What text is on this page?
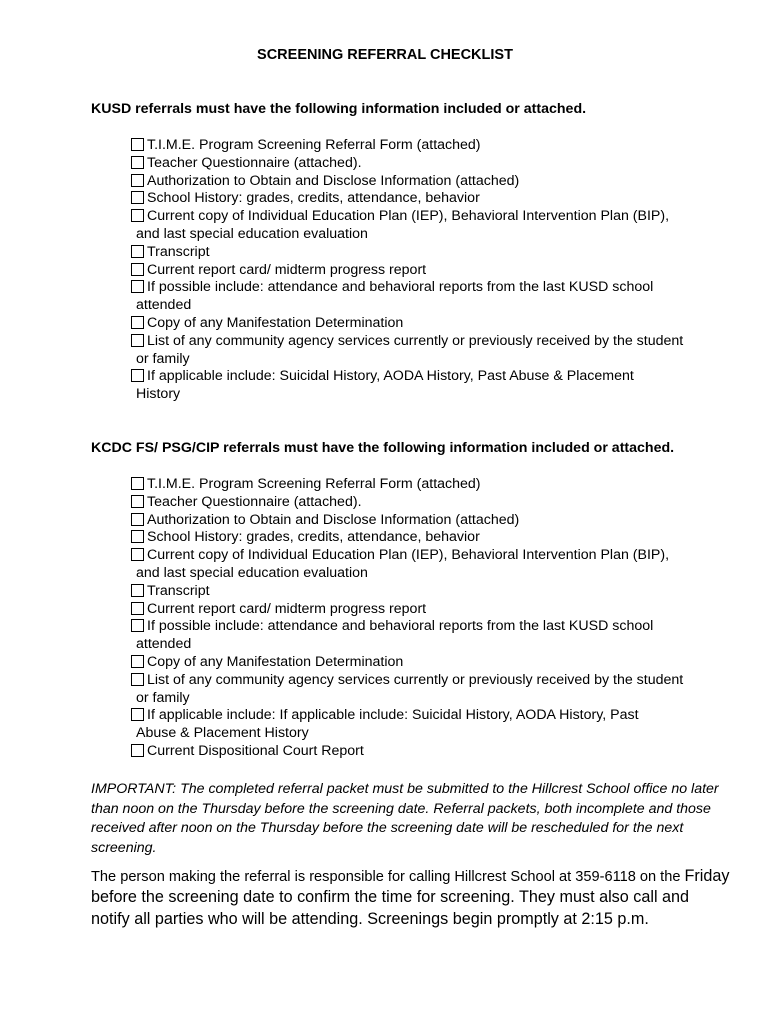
SCREENING REFERRAL CHECKLIST
KUSD referrals must have the following information included or attached.
T.I.M.E. Program Screening Referral Form (attached)
Teacher Questionnaire (attached).
Authorization to Obtain and Disclose Information (attached)
School History: grades, credits, attendance, behavior
Current copy of Individual Education Plan (IEP), Behavioral Intervention Plan (BIP),
and last special education evaluation
Transcript
Current report card/ midterm progress report
If possible include: attendance and behavioral reports from the last KUSD school
attended
Copy of any Manifestation Determination
List of any community agency services currently or previously received by the student
or family
If applicable include: Suicidal History, AODA History, Past Abuse & Placement
History
KCDC FS/ PSG/CIP referrals must have the following information included or attached.
T.I.M.E. Program Screening Referral Form (attached)
Teacher Questionnaire (attached).
Authorization to Obtain and Disclose Information (attached)
School History: grades, credits, attendance, behavior
Current copy of Individual Education Plan (IEP), Behavioral Intervention Plan (BIP),
and last special education evaluation
Transcript
Current report card/ midterm progress report
If possible include: attendance and behavioral reports from the last KUSD school
attended
Copy of any Manifestation Determination
List of any community agency services currently or previously received by the student
or family
If applicable include: If applicable include: Suicidal History, AODA History, Past
Abuse & Placement History
Current Dispositional Court Report

IMPORTANT: The completed referral packet must be submitted to the Hillcrest School office no later than noon on the Thursday before the screening date. Referral packets, both incomplete and those received after noon on the Thursday before the screening date will be rescheduled for the next screening.

The person making the referral is responsible for calling Hillcrest School at 359-6118 on the Friday before the screening date to confirm the time for screening. They must also call and notify all parties who will be attending. Screenings begin promptly at 2:15 p.m.
